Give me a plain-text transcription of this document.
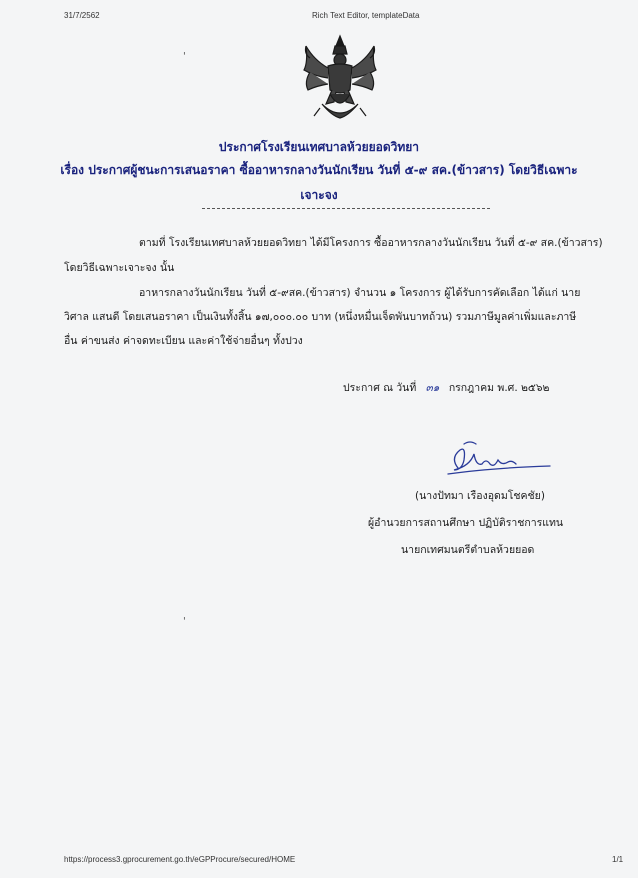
31/7/2562	Rich Text Editor, templateData
'
ประกาศโรงเรียนเทศบาลห้วยยอดวิทยา
เรื่อง ประกาศผู้ชนะการเสนอราคา ซื้ออาหารกลางวันนักเรียน วันที่ ๕-๙ สค.(ข้าวสาร) โดยวิธีเฉพาะ
เจาะจง
ตามที่ โรงเรียนเทศบาลห้วยยอดวิทยา ได้มีโครงการ ซื้ออาหารกลางวันนักเรียน วันที่ ๕-๙ สค.(ข้าวสาร)
โดยวิธีเฉพาะเจาะจง นั้น
อาหารกลางวันนักเรียน วันที่ ๕-๙สค.(ข้าวสาร) จำนวน ๑ โครงการ ผู้ได้รับการคัดเลือก ได้แก่ นาย
วิศาล แสนดี โดยเสนอราคา เป็นเงินทั้งสิ้น ๑๗,๐๐๐.๐๐ บาท (หนึ่งหมื่นเจ็ดพันบาทถ้วน) รวมภาษีมูลค่าเพิ่มและภาษี
อื่น ค่าขนส่ง ค่าจดทะเบียน และค่าใช้จ่ายอื่นๆ ทั้งปวง
ประกาศ ณ วันที่ ๓๑ กรกฎาคม พ.ศ. ๒๕๖๒
(นางปัทมา เรืองอุดมโชคชัย)
ผู้อำนวยการสถานศึกษา ปฏิบัติราชการแทน
นายกเทศมนตรีตำบลห้วยยอด
'
https://process3.gprocurement.go.th/eGPProcure/secured/HOME	1/1
